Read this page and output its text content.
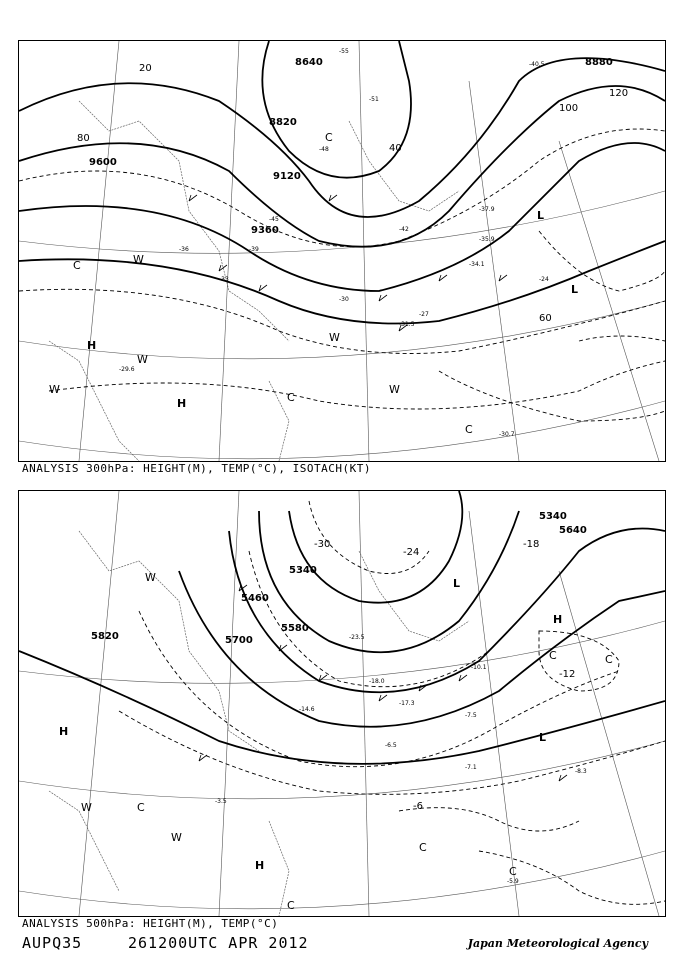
8640	8880
8820
9120
9360
9600
20
40
60
80
100
120
-55
-51
-48
-45
-42
-39
-36
-33
-30
-27
-24
-40.5
-37.9
-35.9
-34.1
-31.5
-30.7
-29.6
H
H
L
L
C
C
C
C
W
W
W
W
W
ANALYSIS 300hPa: HEIGHT(M), TEMP(°C), ISOTACH(KT)
5340
5460
5580
5700
5820
5640
5340
-30
-24
-18
-12
-6
-23.5
-18.0
-17.3
-14.6
-10.1
-8.3
-7.5
-7.1
-6.5
-5.9
-3.5
H
H
H
L
L
C
C
C
C
C
C
W
W
W
ANALYSIS 500hPa: HEIGHT(M), TEMP(°C)
AUPQ35	261200UTC APR 2012	Japan Meteorological Agency
